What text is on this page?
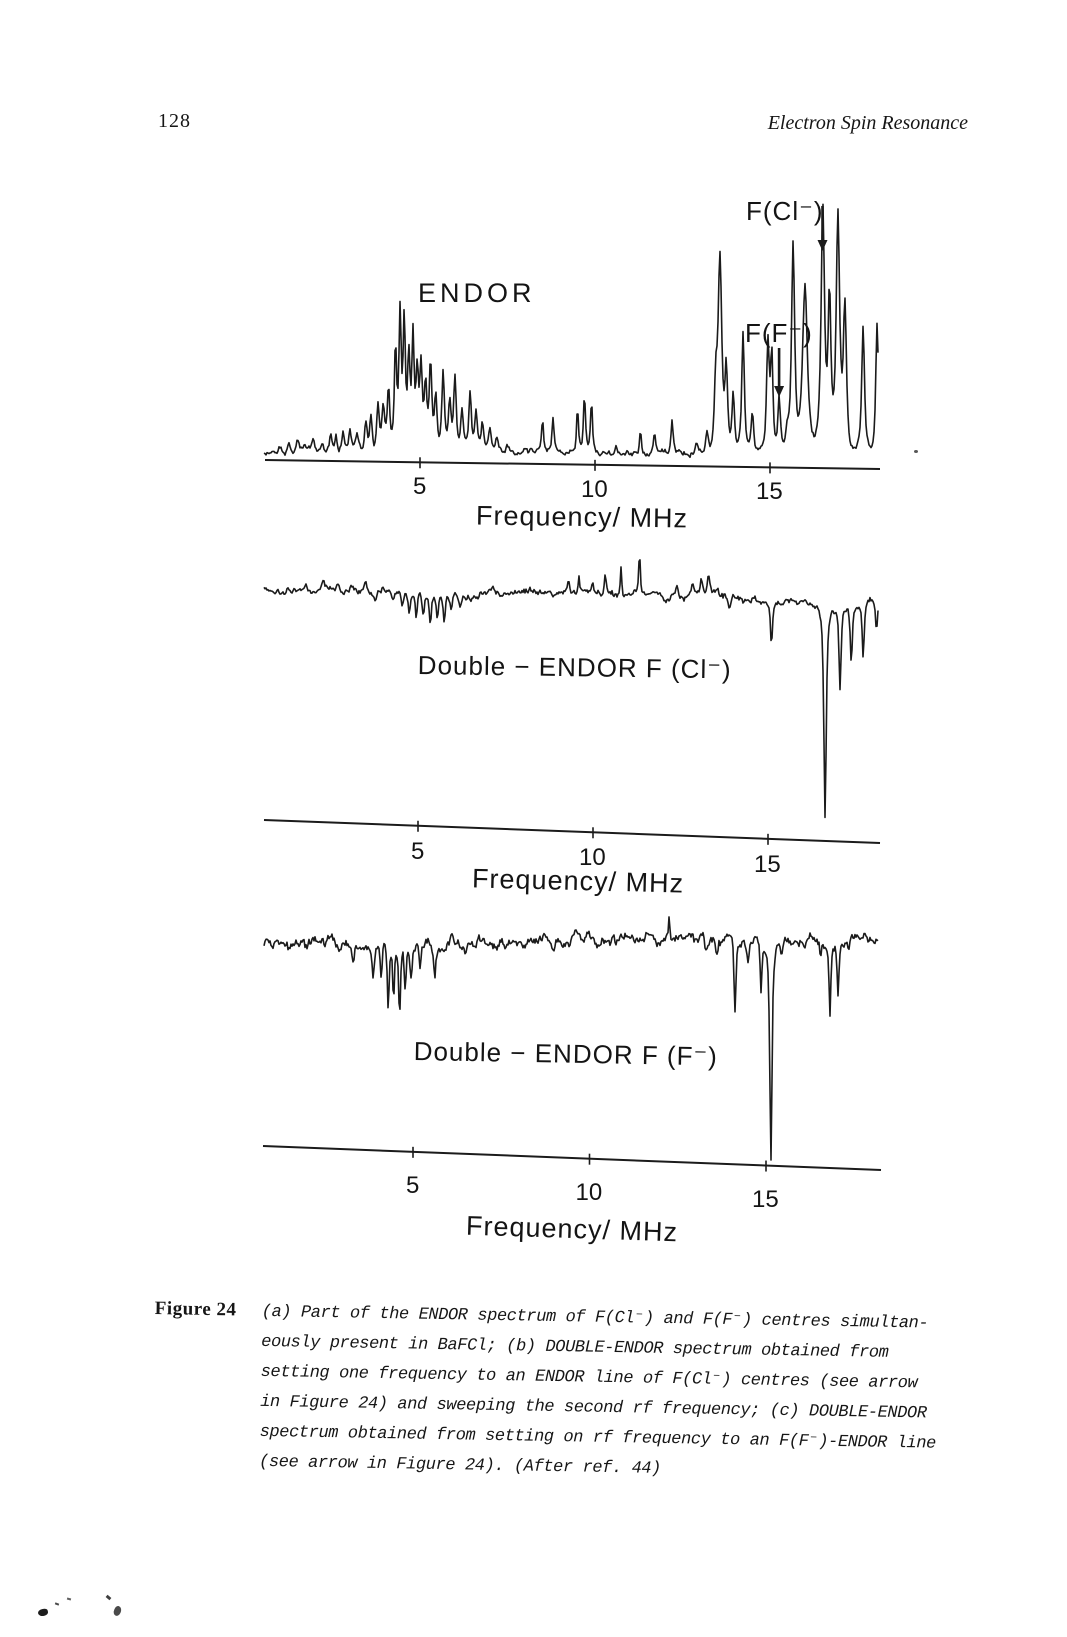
128	Electron Spin Resonance
ENDOR
F(Cl⁻)
F(F⁻)
Frequency/ MHz
5	10	15
Double − ENDOR F (Cl⁻)
Frequency/ MHz
5	10	15
Double − ENDOR F (F⁻)
Frequency/ MHz
5	10	15
Figure 24 (a) Part of the ENDOR spectrum of F(Cl⁻) and F(F⁻) centres simultan-
eously present in BaFCl; (b) DOUBLE-ENDOR spectrum obtained from
setting one frequency to an ENDOR line of F(Cl⁻) centres (see arrow
in Figure 24) and sweeping the second rf frequency; (c) DOUBLE-ENDOR
spectrum obtained from setting on rf frequency to an F(F⁻)-ENDOR line
(see arrow in Figure 24). (After ref. 44)
